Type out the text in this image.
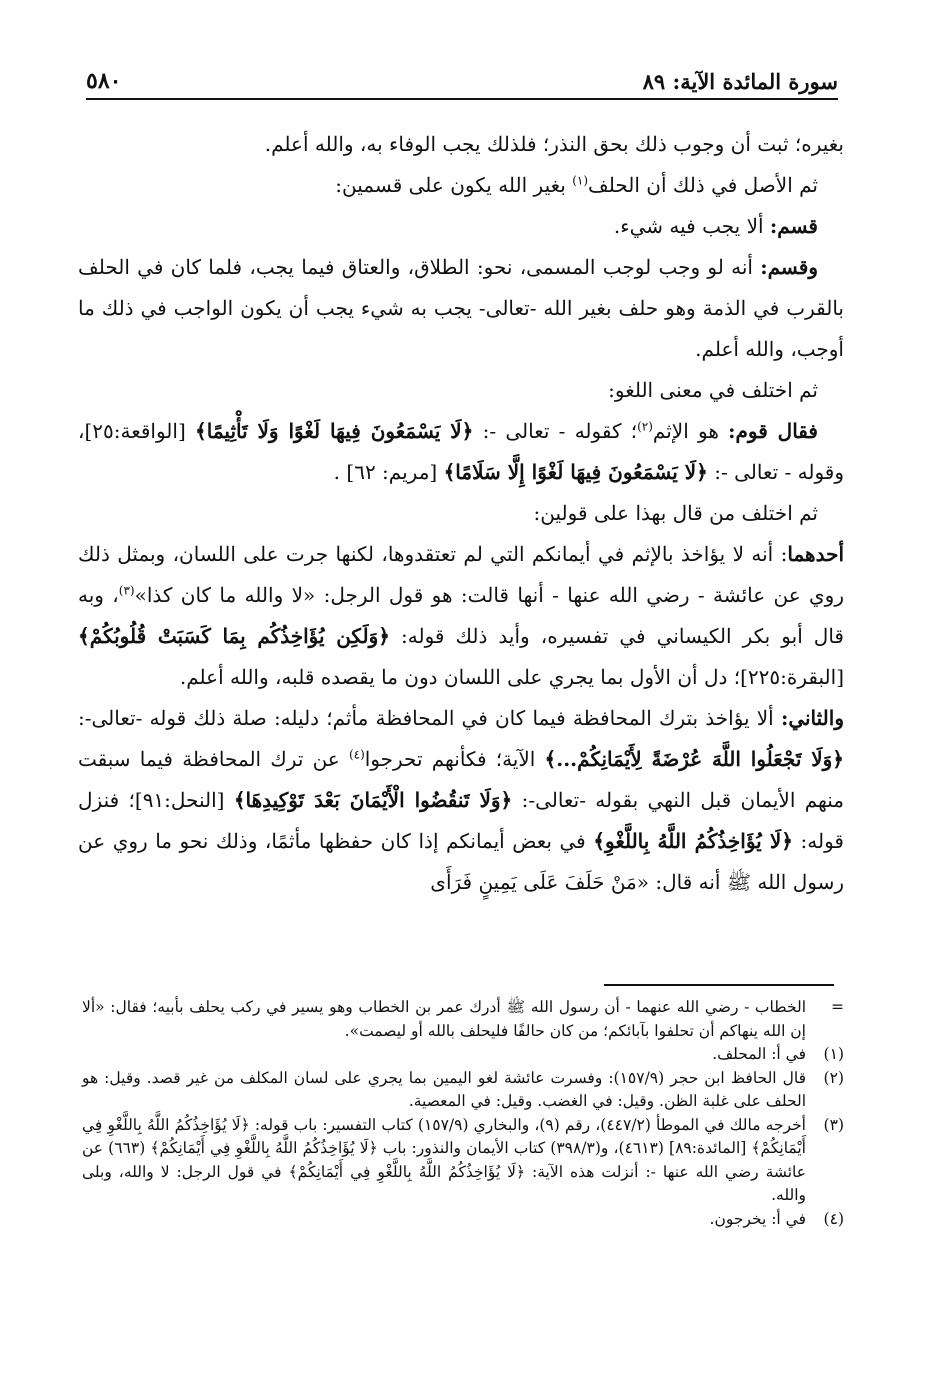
سورة المائدة الآية: ٨٩
٥٨٠

بغيره؛ ثبت أن وجوب ذلك بحق النذر؛ فلذلك يجب الوفاء به، والله أعلم.

ثم الأصل في ذلك أن الحلف$^{(١)}$ بغير الله يكون على قسمين:

قسم: ألا يجب فيه شيء.

وقسم: أنه لو وجب لوجب المسمى، نحو: الطلاق، والعتاق فيما يجب، فلما كان في الحلف بالقرب في الذمة وهو حلف بغير الله -تعالى- يجب به شيء يجب أن يكون الواجب في ذلك ما أوجب، والله أعلم.

ثم اختلف في معنى اللغو:

فقال قوم: هو الإثم$^{(٢)}$؛ كقوله - تعالى -: ﴿لَا يَسْمَعُونَ فِيهَا لَغْوًا وَلَا تَأْثِيمًا﴾ [الواقعة:٢٥]، وقوله - تعالى -: ﴿لَا يَسْمَعُونَ فِيهَا لَغْوًا إِلَّا سَلَامًا﴾ [مريم: ٦٢] .

ثم اختلف من قال بهذا على قولين:

أحدهما: أنه لا يؤاخذ بالإثم في أيمانكم التي لم تعتقدوها، لكنها جرت على اللسان، وبمثل ذلك روي عن عائشة - رضي الله عنها - أنها قالت: هو قول الرجل: «لا والله ما كان كذا»$^{(٣)}$، وبه قال أبو بكر الكيساني في تفسيره، وأيد ذلك قوله: ﴿وَلَكِن يُؤَاخِذُكُم بِمَا كَسَبَتْ قُلُوبُكُمْ﴾ [البقرة:٢٢٥]؛ دل أن الأول بما يجري على اللسان دون ما يقصده قلبه، والله أعلم.

والثاني: ألا يؤاخذ بترك المحافظة فيما كان في المحافظة مأثم؛ دليله: صلة ذلك قوله -تعالى-: ﴿وَلَا تَجْعَلُوا اللَّهَ عُرْضَةً لِأَيْمَانِكُمْ...﴾ الآية؛ فكأنهم تحرجوا$^{(٤)}$ عن ترك المحافظة فيما سبقت منهم الأيمان قبل النهي بقوله -تعالى-: ﴿وَلَا تَنقُضُوا الْأَيْمَانَ بَعْدَ تَوْكِيدِهَا﴾ [النحل:٩١]؛ فنزل قوله: ﴿لَا يُؤَاخِذُكُمُ اللَّهُ بِاللَّغْوِ﴾ في بعض أيمانكم إذا كان حفظها مأثمًا، وذلك نحو ما روي عن رسول الله ﷺ أنه قال: «مَنْ حَلَفَ عَلَى يَمِينٍ فَرَأَى

=
الخطاب - رضي الله عنهما - أن رسول الله ﷺ أدرك عمر بن الخطاب وهو يسير في ركب يحلف بأبيه؛ فقال: «ألا إن الله ينهاكم أن تحلفوا بآبائكم؛ من كان حالفًا فليحلف بالله أو ليصمت».
(١)
في أ: المحلف.
(٢)
قال الحافظ ابن حجر (١٥٧/٩): وفسرت عائشة لغو اليمين بما يجري على لسان المكلف من غير قصد. وقيل: هو الحلف على غلبة الظن. وقيل: في الغضب. وقيل: في المعصية.
(٣)
أخرجه مالك في الموطأ (٤٤٧/٢)، رقم (٩)، والبخاري (١٥٧/٩) كتاب التفسير: باب قوله: ﴿لَا يُؤَاخِذُكُمُ اللَّهُ بِاللَّغْوِ فِي أَيْمَانِكُمْ﴾ [المائدة:٨٩] (٤٦١٣)، و(٣٩٨/٣) كتاب الأيمان والنذور: باب ﴿لَا يُؤَاخِذُكُمُ اللَّهُ بِاللَّغْوِ فِي أَيْمَانِكُمْ﴾ (٦٦٣) عن عائشة رضي الله عنها -: أنزلت هذه الآية: ﴿لَا يُؤَاخِذُكُمُ اللَّهُ بِاللَّغْوِ فِي أَيْمَانِكُمْ﴾ في قول الرجل: لا والله، وبلى والله.
(٤)
في أ: يخرجون.
